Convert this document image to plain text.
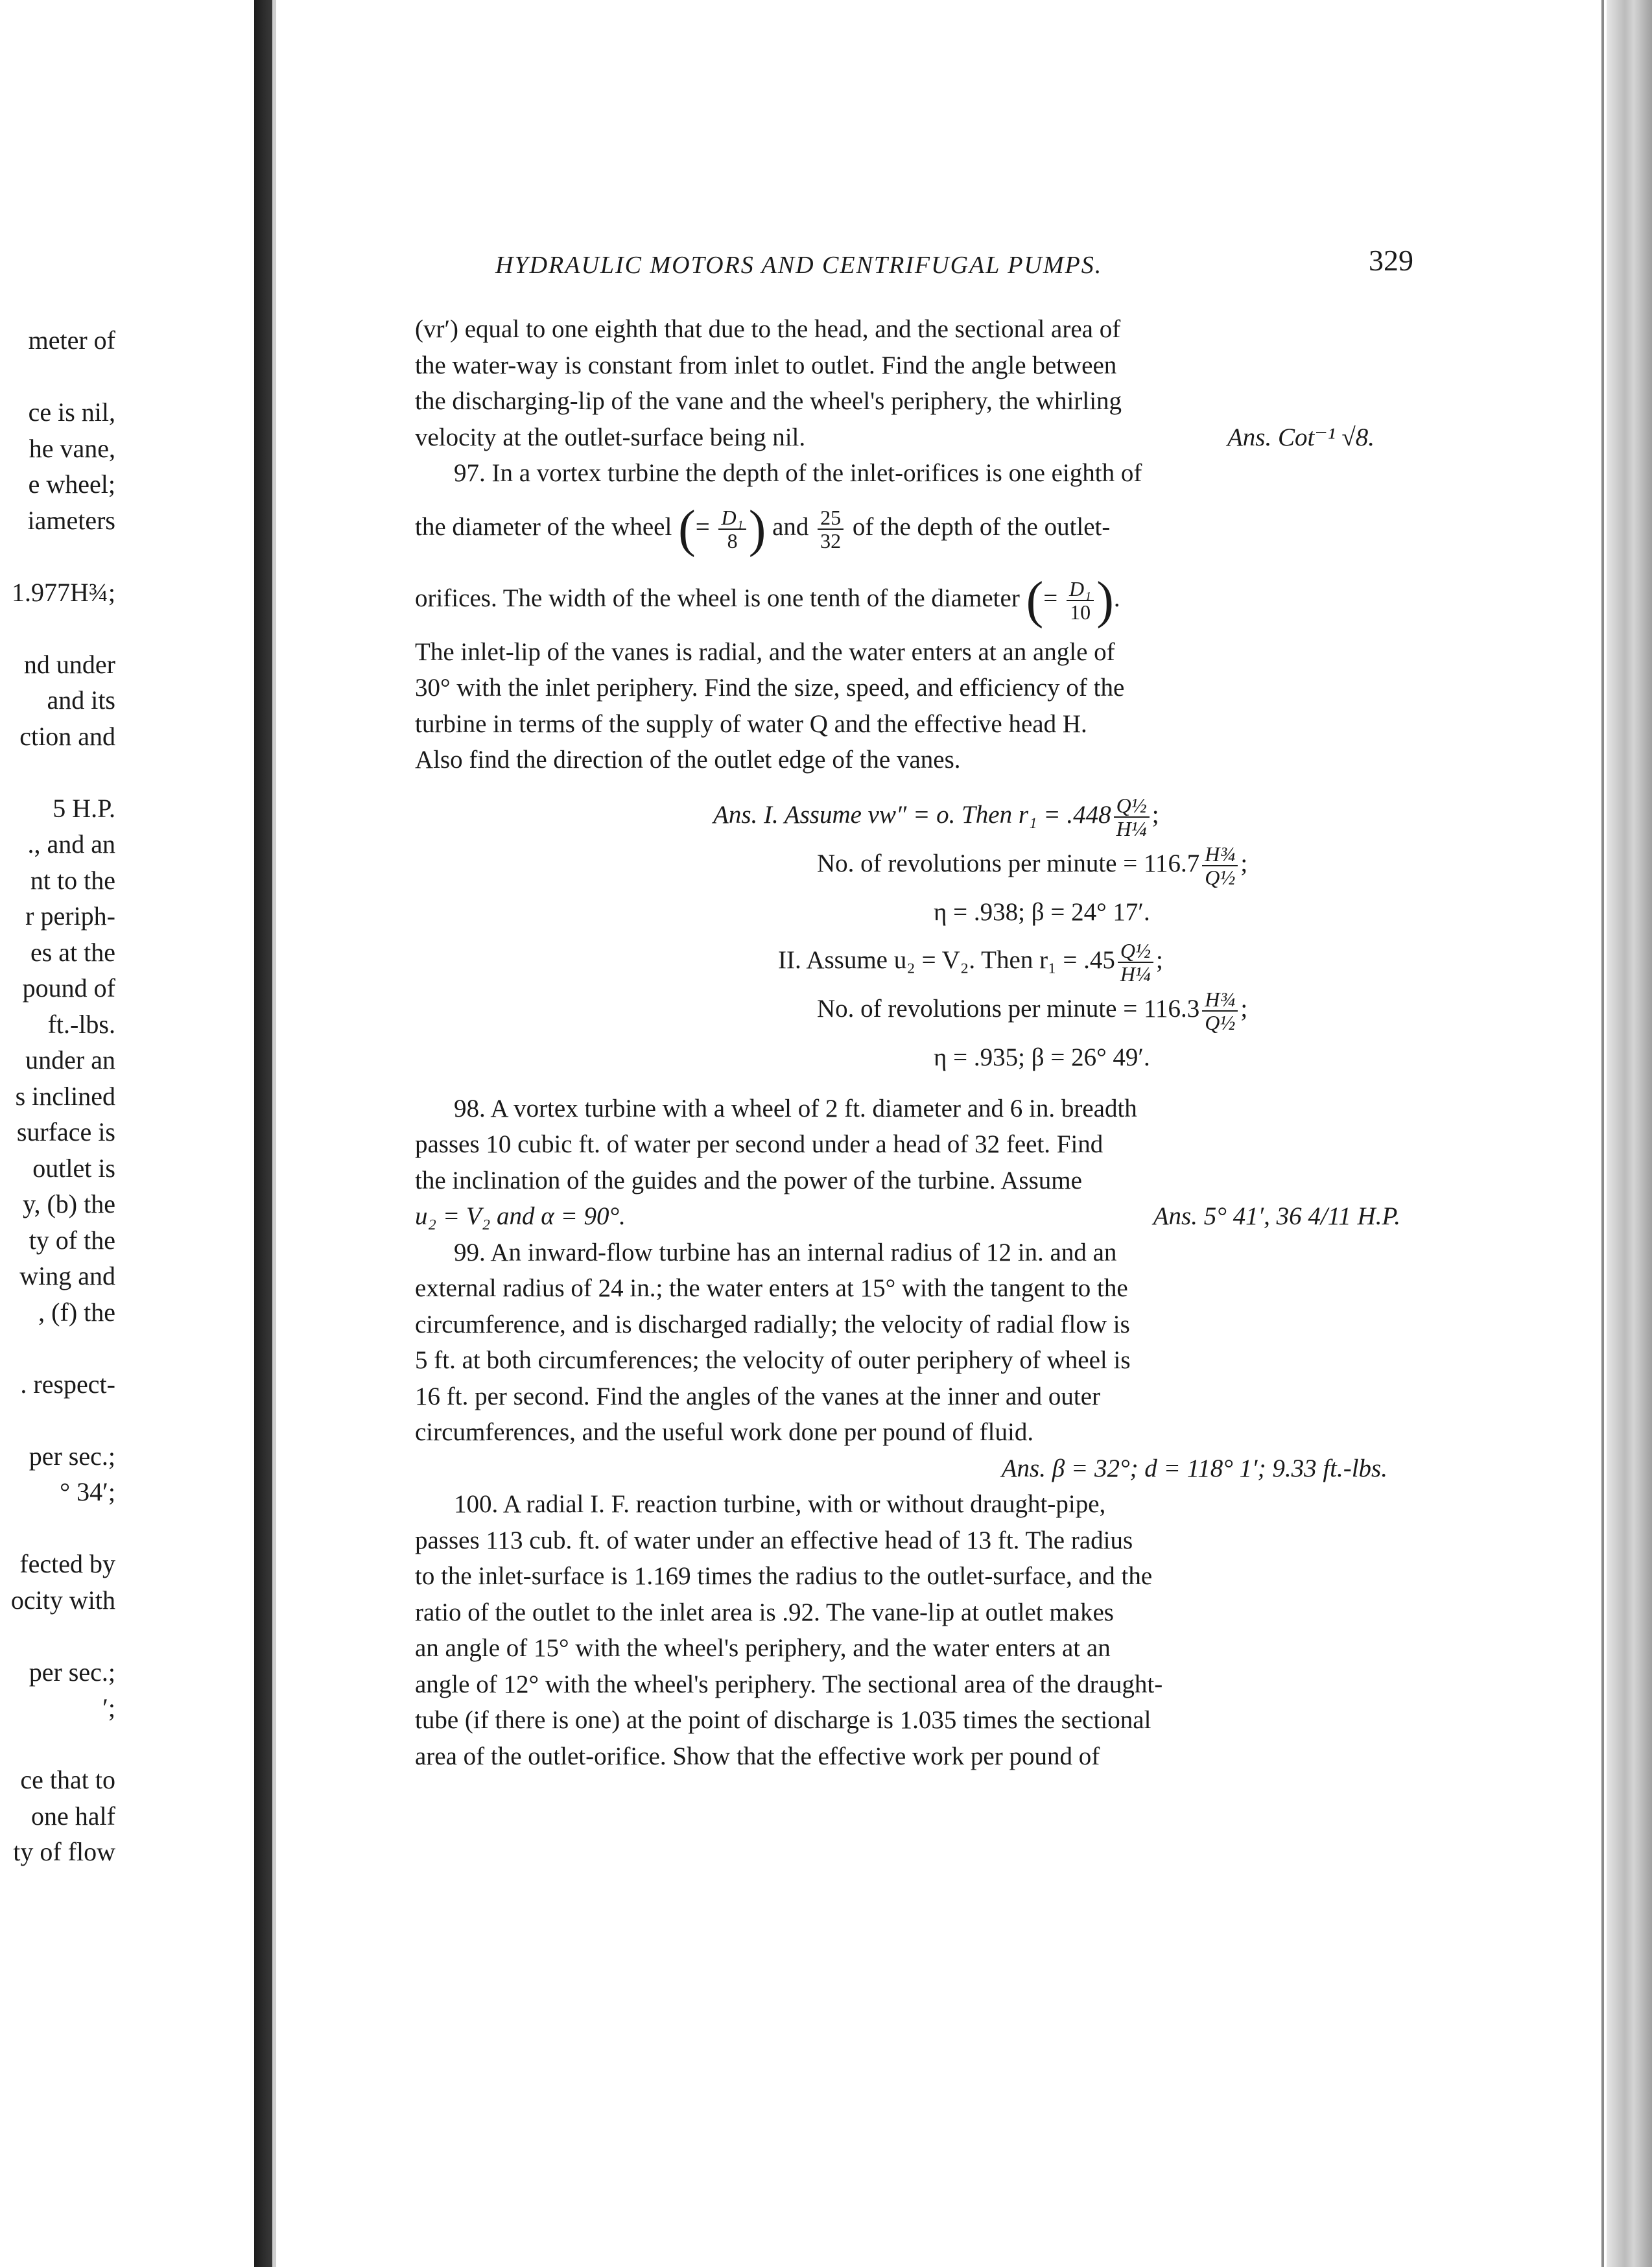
meter of
ce is nil,
he vane,
e wheel;
iameters
1.977H¾;
nd under
and its
ction and
5 H.P.
., and an
nt to the
r periph-
es at the
pound of
ft.-lbs.
under an
s inclined
surface is
outlet is
y, (b) the
ty of the
wing and
, (f) the
. respect-
per sec.;
° 34′;
fected by
ocity with
per sec.;
′;
ce that to
one half
ty of flow
HYDRAULIC MOTORS AND CENTRIFUGAL PUMPS.	329

(vr′) equal to one eighth that due to the head, and the sectional area of

the water-way is constant from inlet to outlet. Find the angle between

the discharging-lip of the vane and the wheel's periphery, the whirling

velocity at the outlet-surface being nil.	Ans. Cot⁻¹ √8.

97. In a vortex turbine the depth of the inlet-orifices is one eighth of

the diameter of the wheel (= $\frac{\text{D₁}}{8}$ ) and $\frac{25}{32}$ of the depth of the outlet-

orifices. The width of the wheel is one tenth of the diameter (= $\frac{\text{D₁}}{10}$ ).

The inlet-lip of the vanes is radial, and the water enters at an angle of

30° with the inlet periphery. Find the size, speed, and efficiency of the

turbine in terms of the supply of water Q and the effective head H.

Also find the direction of the outlet edge of the vanes.

Ans. I. Assume vw″ = o. Then $r_1 = .448 \frac{\text{Q½}}{\text{H¼}}$ ;

No. of revolutions per minute = $116.7 \frac{\text{H¾}}{\text{Q½}}$ ;

η = .938; β = 24° 17′.

II. Assume u₂ = V₂. Then $r_1 = .45 \frac{\text{Q½}}{\text{H¼}}$ ;

No. of revolutions per minute = $116.3 \frac{\text{H¾}}{\text{Q½}}$ ;

η = .935; β = 26° 49′.

98. A vortex turbine with a wheel of 2 ft. diameter and 6 in. breadth

passes 10 cubic ft. of water per second under a head of 32 feet. Find

the inclination of the guides and the power of the turbine. Assume

u₂ = V₂ and α = 90°.	Ans. 5° 41′, 36 4/11 H.P.

99. An inward-flow turbine has an internal radius of 12 in. and an

external radius of 24 in.; the water enters at 15° with the tangent to the

circumference, and is discharged radially; the velocity of radial flow is

5 ft. at both circumferences; the velocity of outer periphery of wheel is

16 ft. per second. Find the angles of the vanes at the inner and outer

circumferences, and the useful work done per pound of fluid.

Ans. β = 32°; d = 118° 1′; 9.33 ft.-lbs.

100. A radial I. F. reaction turbine, with or without draught-pipe,

passes 113 cub. ft. of water under an effective head of 13 ft. The radius

to the inlet-surface is 1.169 times the radius to the outlet-surface, and the

ratio of the outlet to the inlet area is .92. The vane-lip at outlet makes

an angle of 15° with the wheel's periphery, and the water enters at an

angle of 12° with the wheel's periphery. The sectional area of the draught-

tube (if there is one) at the point of discharge is 1.035 times the sectional

area of the outlet-orifice. Show that the effective work per pound of
